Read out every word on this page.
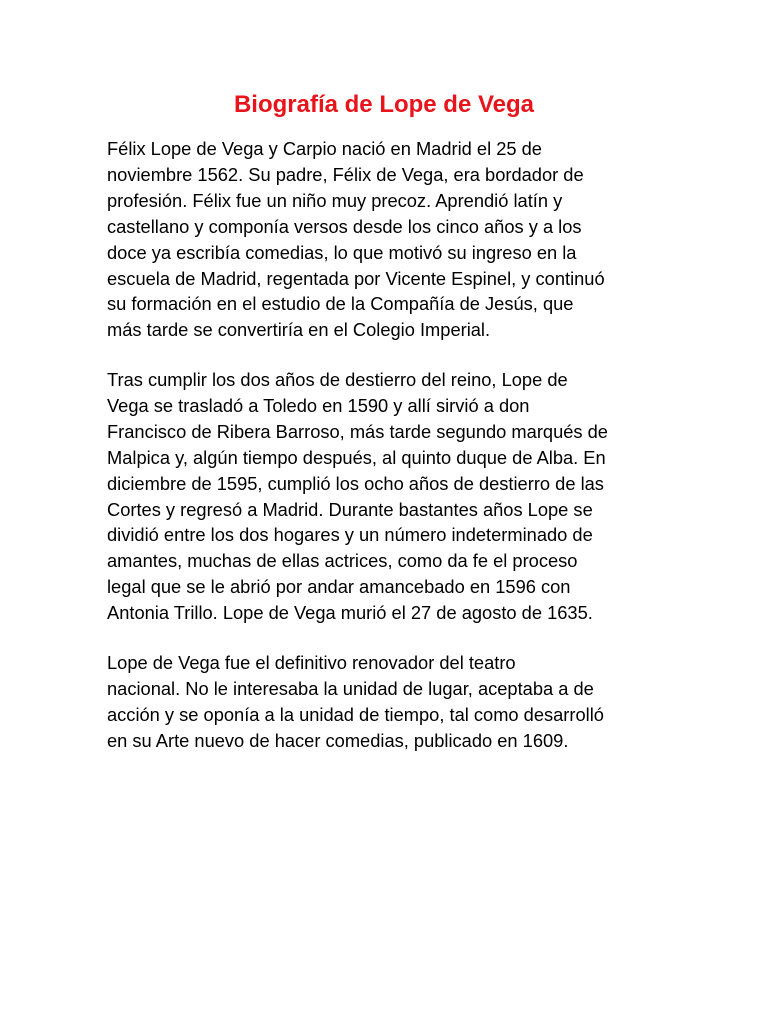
Biografía de Lope de Vega

Félix Lope de Vega y Carpio nació en Madrid el 25 de
noviembre 1562. Su padre, Félix de Vega, era bordador de
profesión. Félix fue un niño muy precoz. Aprendió latín y
castellano y componía versos desde los cinco años y a los
doce ya escribía comedias, lo que motivó su ingreso en la
escuela de Madrid, regentada por Vicente Espinel, y continuó
su formación en el estudio de la Compañía de Jesús, que
más tarde se convertiría en el Colegio Imperial.

Tras cumplir los dos años de destierro del reino, Lope de
Vega se trasladó a Toledo en 1590 y allí sirvió a don
Francisco de Ribera Barroso, más tarde segundo marqués de
Malpica y, algún tiempo después, al quinto duque de Alba. En
diciembre de 1595, cumplió los ocho años de destierro de las
Cortes y regresó a Madrid. Durante bastantes años Lope se
dividió entre los dos hogares y un número indeterminado de
amantes, muchas de ellas actrices, como da fe el proceso
legal que se le abrió por andar amancebado en 1596 con
Antonia Trillo. Lope de Vega murió el 27 de agosto de 1635.

Lope de Vega fue el definitivo renovador del teatro
nacional. No le interesaba la unidad de lugar, aceptaba a de
acción y se oponía a la unidad de tiempo, tal como desarrolló
en su Arte nuevo de hacer comedias, publicado en 1609.
